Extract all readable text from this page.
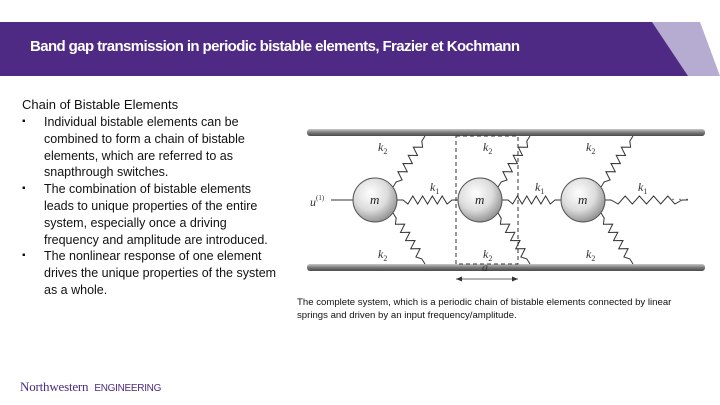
Band gap transmission in periodic bistable elements, Frazier et Kochmann
Chain of Bistable Elements
▪ Individual bistable elements can be combined to form a chain of bistable elements, which are referred to as snapthrough switches.
▪ The combination of bistable elements leads to unique properties of the entire system, especially once a driving frequency and amplitude are introduced.
▪ The nonlinear response of one element drives the unique properties of the system as a whole.
a
m	m	m
$k_2$
$k_2$
$k_1$
$k_2$
$k_2$
$k_1$
$k_2$
$k_2$
$k_1$
$u^{(1)}$	· · ·
The complete system, which is a periodic chain of bistable elements connected by linear springs and driven by an input frequency/amplitude.
Northwestern ENGINEERING
